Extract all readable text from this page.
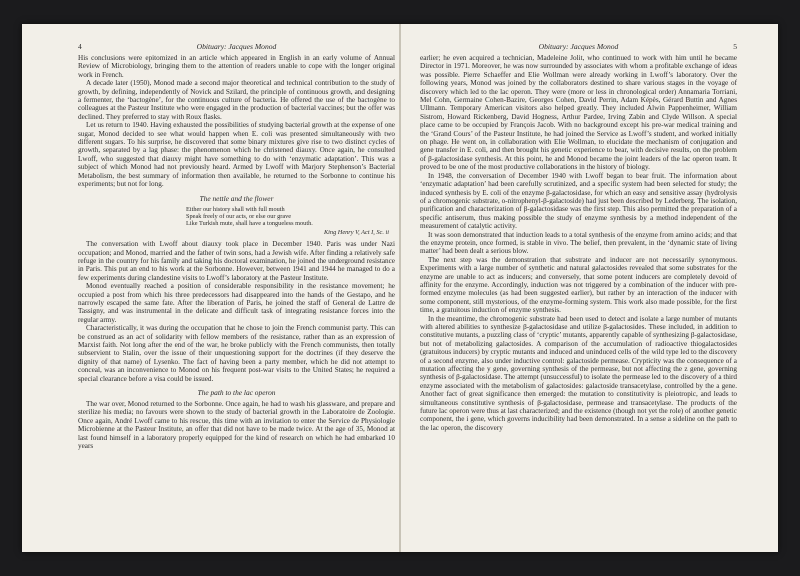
4	Obituary: Jacques Monod

His conclusions were epitomized in an article which appeared in English in an early volume of Annual Review of Microbiology, bringing them to the attention of readers unable to cope with the longer original work in French.

A decade later (1950), Monod made a second major theoretical and technical contribution to the study of growth, by defining, independently of Novick and Szilard, the principle of continuous growth, and designing a fermenter, the ‘bactogène’, for the continuous culture of bacteria. He offered the use of the bactogène to colleagues at the Pasteur Institute who were engaged in the production of bacterial vaccines; but the offer was declined. They preferred to stay with Roux flasks.

Let us return to 1940. Having exhausted the possibilities of studying bacterial growth at the expense of one sugar, Monod decided to see what would happen when E. coli was presented simultaneously with two different sugars. To his surprise, he discovered that some binary mixtures give rise to two distinct cycles of growth, separated by a lag phase: the phenomenon which he christened diauxy. Once again, he consulted Lwoff, who suggested that diauxy might have something to do with ‘enzymatic adaptation’. This was a subject of which Monod had not previously heard. Armed by Lwoff with Marjory Stephenson’s Bacterial Metabolism, the best summary of information then available, he returned to the Sorbonne to continue his experiments; but not for long.

The nettle and the flower
Either our history shall with full mouth
Speak freely of our acts, or else our grave
Like Turkish mute, shall have a tongueless mouth.
King Henry V, Act I, Sc. ii

The conversation with Lwoff about diauxy took place in December 1940. Paris was under Nazi occupation; and Monod, married and the father of twin sons, had a Jewish wife. After finding a relatively safe refuge in the country for his family and taking his doctoral examination, he joined the underground resistance in Paris. This put an end to his work at the Sorbonne. However, between 1941 and 1944 he managed to do a few experiments during clandestine visits to Lwoff’s laboratory at the Pasteur Institute.

Monod eventually reached a position of considerable responsibility in the resistance movement; he occupied a post from which his three predecessors had disappeared into the hands of the Gestapo, and he narrowly escaped the same fate. After the liberation of Paris, he joined the staff of General de Lattre de Tassigny, and was instrumental in the delicate and difficult task of integrating resistance forces into the regular army.

Characteristically, it was during the occupation that he chose to join the French communist party. This can be construed as an act of solidarity with fellow members of the resistance, rather than as an expression of Marxist faith. Not long after the end of the war, he broke publicly with the French communists, then totally subservient to Stalin, over the issue of their unquestioning support for the doctrines (if they deserve the dignity of that name) of Lysenko. The fact of having been a party member, which he did not attempt to conceal, was an inconvenience to Monod on his frequent post-war visits to the United States; he required a special clearance before a visa could be issued.

The path to the lac operon

The war over, Monod returned to the Sorbonne. Once again, he had to wash his glassware, and prepare and sterilize his media; no favours were shown to the study of bacterial growth in the Laboratoire de Zoologie. Once again, André Lwoff came to his rescue, this time with an invitation to enter the Service de Physiologie Microbienne at the Pasteur Institute, an offer that did not have to be made twice. At the age of 35, Monod at last found himself in a laboratory properly equipped for the kind of research on which he had embarked 10 years

5
Obituary: Jacques Monod

earlier; he even acquired a technician, Madeleine Jolit, who continued to work with him until he became Director in 1971. Moreover, he was now surrounded by associates with whom a profitable exchange of ideas was possible. Pierre Schaeffer and Elie Wollman were already working in Lwoff’s laboratory. Over the following years, Monod was joined by the collaborators destined to share various stages in the voyage of discovery which led to the lac operon. They were (more or less in chronological order) Annamaria Torriani, Mel Cohn, Germaine Cohen-Bazire, Georges Cohen, David Perrin, Adam Képès, Gérard Buttin and Agnes Ullmann. Temporary American visitors also helped greatly. They included Alwin Pappenheimer, William Sistrom, Howard Rickenberg, David Hogness, Arthur Pardee, Irving Zabin and Clyde Willson. A special place came to be occupied by François Jacob. With no background except his pre-war medical training and the ‘Grand Cours’ of the Pasteur Institute, he had joined the Service as Lwoff’s student, and worked initially on phage. He went on, in collaboration with Elie Wollman, to elucidate the mechanism of conjugation and gene transfer in E. coli, and then brought his genetic experience to bear, with decisive results, on the problem of β-galactosidase synthesis. At this point, he and Monod became the joint leaders of the lac operon team. It proved to be one of the most productive collaborations in the history of biology.

In 1948, the conversation of December 1940 with Lwoff began to bear fruit. The information about ‘enzymatic adaptation’ had been carefully scrutinized, and a specific system had been selected for study; the induced synthesis by E. coli of the enzyme β-galactosidase, for which an easy and sensitive assay (hydrolysis of a chromogenic substrate, o-nitrophenyl-β-galactoside) had just been described by Lederberg. The isolation, purification and characterization of β-galactosidase was the first step. This also permitted the preparation of a specific antiserum, thus making possible the study of enzyme synthesis by a method independent of the measurement of catalytic activity.

It was soon demonstrated that induction leads to a total synthesis of the enzyme from amino acids; and that the enzyme protein, once formed, is stable in vivo. The belief, then prevalent, in the ‘dynamic state of living matter’ had been dealt a serious blow.

The next step was the demonstration that substrate and inducer are not necessarily synonymous. Experiments with a large number of synthetic and natural galactosides revealed that some substrates for the enzyme are unable to act as inducers; and conversely, that some potent inducers are completely devoid of affinity for the enzyme. Accordingly, induction was not triggered by a combination of the inducer with pre-formed enzyme molecules (as had been suggested earlier), but rather by an interaction of the inducer with some component, still mysterious, of the enzyme-forming system. This work also made possible, for the first time, a gratuitous induction of enzyme synthesis.

In the meantime, the chromogenic substrate had been used to detect and isolate a large number of mutants with altered abilities to synthesize β-galactosidase and utilize β-galactosides. These included, in addition to constitutive mutants, a puzzling class of ‘cryptic’ mutants, apparently capable of synthesizing β-galactosidase, but not of metabolizing galactosides. A comparison of the accumulation of radioactive thiogalactosides (gratuitous inducers) by cryptic mutants and induced and uninduced cells of the wild type led to the discovery of a second enzyme, also under inductive control: galactoside permease. Crypticity was the consequence of a mutation affecting the y gene, governing synthesis of the permease, but not affecting the z gene, governing synthesis of β-galactosidase. The attempt (unsuccessful) to isolate the permease led to the discovery of a third enzyme associated with the metabolism of galactosides: galactoside transacetylase, controlled by the a gene. Another fact of great significance then emerged: the mutation to constitutivity is pleiotropic, and leads to simultaneous constitutive synthesis of β-galactosidase, permease and transacetylase. The products of the future lac operon were thus at last characterized; and the existence (though not yet the role) of another genetic component, the i gene, which governs inducibility had been demonstrated. In a sense a sideline on the path to the lac operon, the discovery
